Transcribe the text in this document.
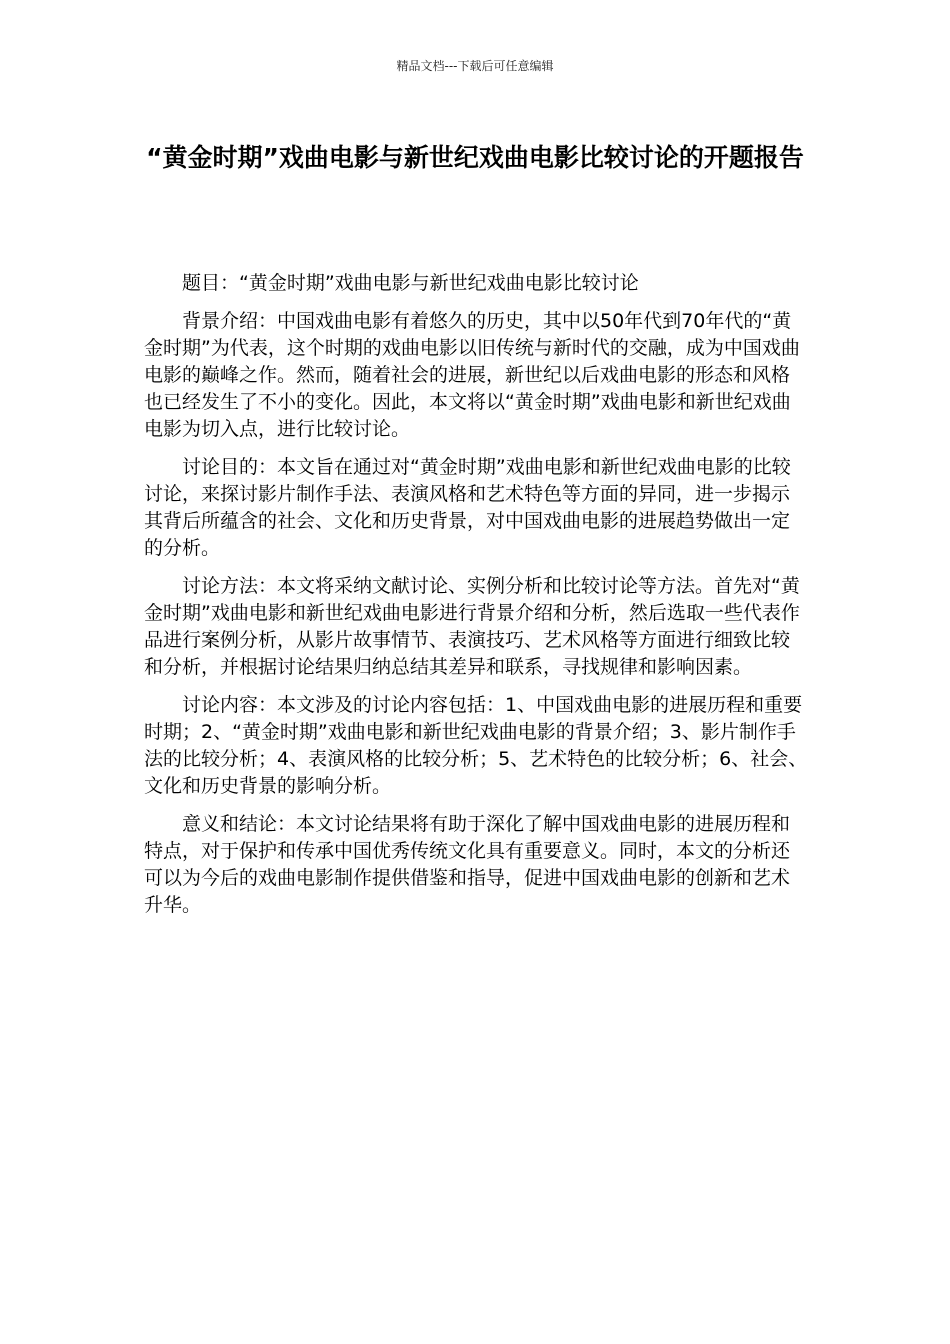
精品文档---下载后可任意编辑
“黄金时期”戏曲电影与新世纪戏曲电影比较讨论的开题报告

题目：“黄金时期”戏曲电影与新世纪戏曲电影比较讨论

背景介绍：中国戏曲电影有着悠久的历史，其中以50年代到70年代的“黄金时期”为代表，这个时期的戏曲电影以旧传统与新时代的交融，成为中国戏曲电影的巅峰之作。然而，随着社会的进展，新世纪以后戏曲电影的形态和风格也已经发生了不小的变化。因此，本文将以“黄金时期”戏曲电影和新世纪戏曲电影为切入点，进行比较讨论。

讨论目的：本文旨在通过对“黄金时期”戏曲电影和新世纪戏曲电影的比较讨论，来探讨影片制作手法、表演风格和艺术特色等方面的异同，进一步揭示其背后所蕴含的社会、文化和历史背景，对中国戏曲电影的进展趋势做出一定的分析。

讨论方法：本文将采纳文献讨论、实例分析和比较讨论等方法。首先对“黄金时期”戏曲电影和新世纪戏曲电影进行背景介绍和分析，然后选取一些代表作品进行案例分析，从影片故事情节、表演技巧、艺术风格等方面进行细致比较和分析，并根据讨论结果归纳总结其差异和联系，寻找规律和影响因素。

讨论内容：本文涉及的讨论内容包括：1、中国戏曲电影的进展历程和重要时期；2、“黄金时期”戏曲电影和新世纪戏曲电影的背景介绍；3、影片制作手法的比较分析；4、表演风格的比较分析；5、艺术特色的比较分析；6、社会、文化和历史背景的影响分析。

意义和结论：本文讨论结果将有助于深化了解中国戏曲电影的进展历程和特点，对于保护和传承中国优秀传统文化具有重要意义。同时，本文的分析还可以为今后的戏曲电影制作提供借鉴和指导，促进中国戏曲电影的创新和艺术升华。
